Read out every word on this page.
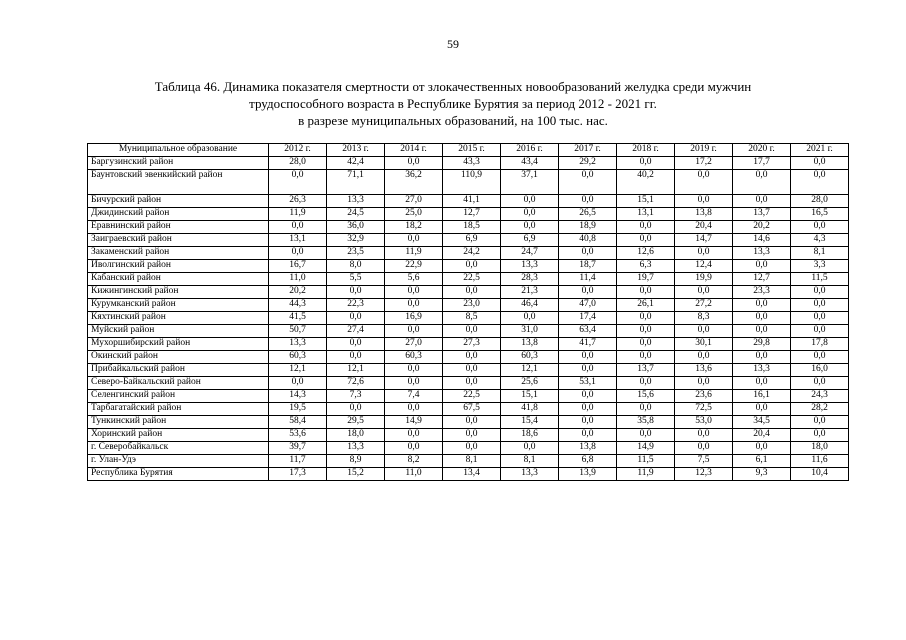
59
Таблица 46. Динамика показателя смертности от злокачественных новообразований желудка среди мужчин
трудоспособного возраста в Республике Бурятия за период 2012 - 2021 гг.
в разрезе муниципальных образований, на 100 тыс. нас.
Муниципальное образование	2012 г.	2013 г.	2014 г.	2015 г.	2016 г.	2017 г.	2018 г.	2019 г.	2020 г.	2021 г.
Баргузинский район	28,0	42,4	0,0	43,3	43,4	29,2	0,0	17,2	17,7	0,0
Баунтовский эвенкийский район	0,0	71,1	36,2	110,9	37,1	0,0	40,2	0,0	0,0	0,0
Бичурский район	26,3	13,3	27,0	41,1	0,0	0,0	15,1	0,0	0,0	28,0
Джидинский район	11,9	24,5	25,0	12,7	0,0	26,5	13,1	13,8	13,7	16,5
Еравнинский район	0,0	36,0	18,2	18,5	0,0	18,9	0,0	20,4	20,2	0,0
Заиграевский район	13,1	32,9	0,0	6,9	6,9	40,8	0,0	14,7	14,6	4,3
Закаменский район	0,0	23,5	11,9	24,2	24,7	0,0	12,6	0,0	13,3	8,1
Иволгинский район	16,7	8,0	22,9	0,0	13,3	18,7	6,3	12,4	0,0	3,3
Кабанский район	11,0	5,5	5,6	22,5	28,3	11,4	19,7	19,9	12,7	11,5
Кижингинский район	20,2	0,0	0,0	0,0	21,3	0,0	0,0	0,0	23,3	0,0
Курумканский район	44,3	22,3	0,0	23,0	46,4	47,0	26,1	27,2	0,0	0,0
Кяхтинский район	41,5	0,0	16,9	8,5	0,0	17,4	0,0	8,3	0,0	0,0
Муйский район	50,7	27,4	0,0	0,0	31,0	63,4	0,0	0,0	0,0	0,0
Мухоршибирский район	13,3	0,0	27,0	27,3	13,8	41,7	0,0	30,1	29,8	17,8
Окинский район	60,3	0,0	60,3	0,0	60,3	0,0	0,0	0,0	0,0	0,0
Прибайкальский район	12,1	12,1	0,0	0,0	12,1	0,0	13,7	13,6	13,3	16,0
Северо-Байкальский район	0,0	72,6	0,0	0,0	25,6	53,1	0,0	0,0	0,0	0,0
Селенгинский район	14,3	7,3	7,4	22,5	15,1	0,0	15,6	23,6	16,1	24,3
Тарбагатайский район	19,5	0,0	0,0	67,5	41,8	0,0	0,0	72,5	0,0	28,2
Тункинский район	58,4	29,5	14,9	0,0	15,4	0,0	35,8	53,0	34,5	0,0
Хоринский район	53,6	18,0	0,0	0,0	18,6	0,0	0,0	0,0	20,4	0,0
г. Северобайкальск	39,7	13,3	0,0	0,0	0,0	13,8	14,9	0,0	0,0	18,0
г. Улан-Удэ	11,7	8,9	8,2	8,1	8,1	6,8	11,5	7,5	6,1	11,6
Республика Бурятия	17,3	15,2	11,0	13,4	13,3	13,9	11,9	12,3	9,3	10,4
